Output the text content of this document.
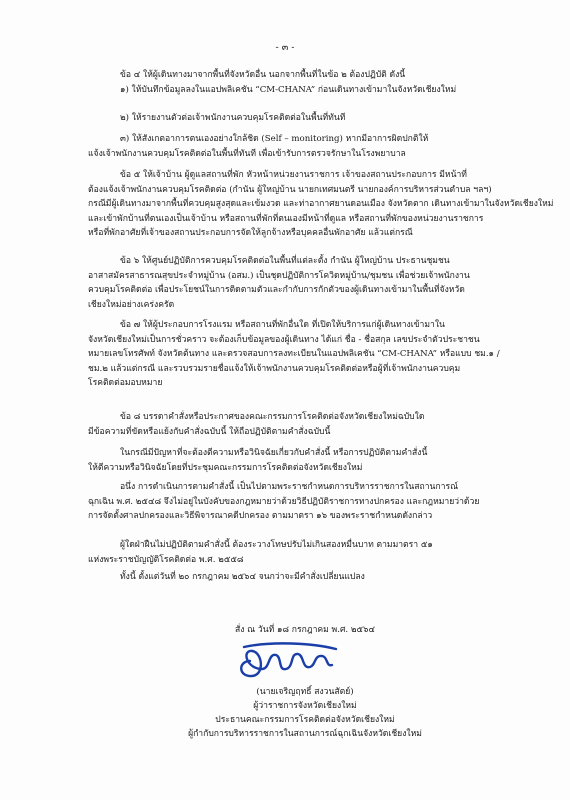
- ๓ -
ข้อ ๔ ให้ผู้เดินทางมาจากพื้นที่จังหวัดอื่น นอกจากพื้นที่ในข้อ ๒ ต้องปฏิบัติ ดังนี้
๑) ให้บันทึกข้อมูลลงในแอปพลิเคชัน “CM-CHANA” ก่อนเดินทางเข้ามาในจังหวัดเชียงใหม่
๒) ให้รายงานตัวต่อเจ้าพนักงานควบคุมโรคติดต่อในพื้นที่ทันที
๓) ให้สังเกตอาการตนเองอย่างใกล้ชิด (Self – monitoring) หากมีอาการผิดปกติให้
แจ้งเจ้าพนักงานควบคุมโรคติดต่อในพื้นที่ทันที เพื่อเข้ารับการตรวจรักษาในโรงพยาบาล
ข้อ ๕ ให้เจ้าบ้าน ผู้ดูแลสถานที่พัก หัวหน้าหน่วยงานราชการ เจ้าของสถานประกอบการ มีหน้าที่
ต้องแจ้งเจ้าพนักงานควบคุมโรคติดต่อ (กำนัน ผู้ใหญ่บ้าน นายกเทศมนตรี นายกองค์การบริหารส่วนตำบล ฯลฯ)
กรณีมีผู้เดินทางมาจากพื้นที่ควบคุมสูงสุดและเข้มงวด และท่าอากาศยานดอนเมือง จังหวัดตาก เดินทางเข้ามาในจังหวัดเชียงใหม่
และเข้าพักบ้านที่ตนเองเป็นเจ้าบ้าน หรือสถานที่พักที่ตนเองมีหน้าที่ดูแล หรือสถานที่พักของหน่วยงานราชการ
หรือที่พักอาศัยที่เจ้าของสถานประกอบการจัดให้ลูกจ้างหรือบุคคลอื่นพักอาศัย แล้วแต่กรณี
ข้อ ๖ ให้ศูนย์ปฏิบัติการควบคุมโรคติดต่อในพื้นที่แต่ละตั้ง กำนัน ผู้ใหญ่บ้าน ประธานชุมชน
อาสาสมัครสาธารณสุขประจำหมู่บ้าน (อสม.) เป็นชุดปฏิบัติการโควิดหมู่บ้าน/ชุมชน เพื่อช่วยเจ้าพนักงาน
ควบคุมโรคติดต่อ เพื่อประโยชน์ในการติดตามตัวและกำกับการกักตัวของผู้เดินทางเข้ามาในพื้นที่จังหวัด
เชียงใหม่อย่างเคร่งครัด
ข้อ ๗ ให้ผู้ประกอบการโรงแรม หรือสถานที่พักอื่นใด ที่เปิดให้บริการแก่ผู้เดินทางเข้ามาใน
จังหวัดเชียงใหม่เป็นการชั่วคราว จะต้องเก็บข้อมูลของผู้เดินทาง ได้แก่ ชื่อ - ชื่อสกุล เลขประจำตัวประชาชน
หมายเลขโทรศัพท์ จังหวัดต้นทาง และตรวจสอบการลงทะเบียนในแอปพลิเคชัน “CM-CHANA” หรือแบบ ชม.๑ /
ชม.๒ แล้วแต่กรณี และรวบรวมรายชื่อแจ้งให้เจ้าพนักงานควบคุมโรคติดต่อหรือผู้ที่เจ้าพนักงานควบคุม
โรคติดต่อมอบหมาย
ข้อ ๘ บรรดาคำสั่งหรือประกาศของคณะกรรมการโรคติดต่อจังหวัดเชียงใหม่ฉบับใด
มีข้อความที่ขัดหรือแย้งกับคำสั่งฉบับนี้ ให้ถือปฏิบัติตามคำสั่งฉบับนี้
ในกรณีมีปัญหาที่จะต้องตีความหรือวินิจฉัยเกี่ยวกับคำสั่งนี้ หรือการปฏิบัติตามคำสั่งนี้
ให้ตีความหรือวินิจฉัยโดยที่ประชุมคณะกรรมการโรคติดต่อจังหวัดเชียงใหม่
อนึ่ง การดำเนินการตามคำสั่งนี้ เป็นไปตามพระราชกำหนดการบริหารราชการในสถานการณ์
ฉุกเฉิน พ.ศ. ๒๕๔๘ จึงไม่อยู่ในบังคับของกฎหมายว่าด้วยวิธีปฏิบัติราชการทางปกครอง และกฎหมายว่าด้วย
การจัดตั้งศาลปกครองและวิธีพิจารณาคดีปกครอง ตามมาตรา ๑๖ ของพระราชกำหนดดังกล่าว
ผู้ใดฝ่าฝืนไม่ปฏิบัติตามคำสั่งนี้ ต้องระวางโทษปรับไม่เกินสองหมื่นบาท ตามมาตรา ๕๑
แห่งพระราชบัญญัติโรคติดต่อ พ.ศ. ๒๕๕๘
ทั้งนี้ ตั้งแต่วันที่ ๒๐ กรกฎาคม ๒๕๖๔ จนกว่าจะมีคำสั่งเปลี่ยนแปลง
สั่ง ณ วันที่ ๑๘ กรกฎาคม พ.ศ. ๒๕๖๔
(นายเจริญฤทธิ์ สงวนสัตย์)
ผู้ว่าราชการจังหวัดเชียงใหม่
ประธานคณะกรรมการโรคติดต่อจังหวัดเชียงใหม่
ผู้กำกับการบริหารราชการในสถานการณ์ฉุกเฉินจังหวัดเชียงใหม่
